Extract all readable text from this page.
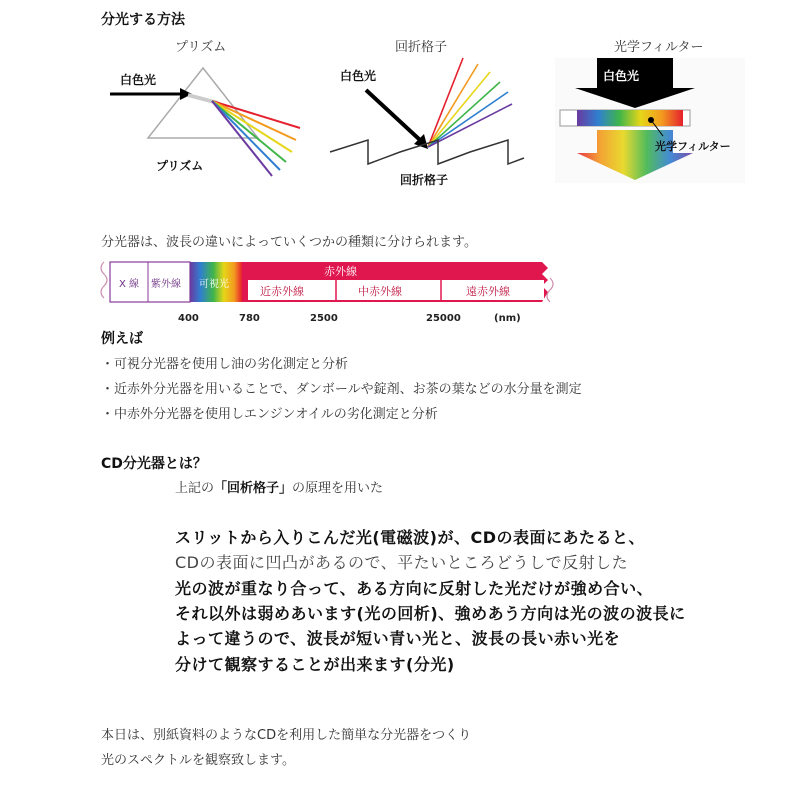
分光する方法
プリズム	回折格子	光学フィルター
白色光
プリズム
白色光
回折格子
白色光
光学フィルター
分光器は、波長の違いによっていくつかの種類に分けられます。
X 線 紫外線 可視光
赤外線
近赤外線	中赤外線	遠赤外線
400	780	2500	25000	(nm)
例えば
・可視分光器を使用し油の劣化測定と分析
・近赤外分光器を用いることで、ダンボールや錠剤、お茶の葉などの水分量を測定
・中赤外分光器を使用しエンジンオイルの劣化測定と分析
CD分光器とは？
上記の「回析格子」の原理を用いた
スリットから入りこんだ光(電磁波)が、CDの表面にあたると、
CDの表面に凹凸があるので、平たいところどうしで反射した
光の波が重なり合って、ある方向に反射した光だけが強め合い、
それ以外は弱めあいます(光の回析)、強めあう方向は光の波の波長に
よって違うので、波長が短い青い光と、波長の長い赤い光を
分けて観察することが出来ます(分光)
本日は、別紙資料のようなCDを利用した簡単な分光器をつくり
光のスペクトルを観察致します。
